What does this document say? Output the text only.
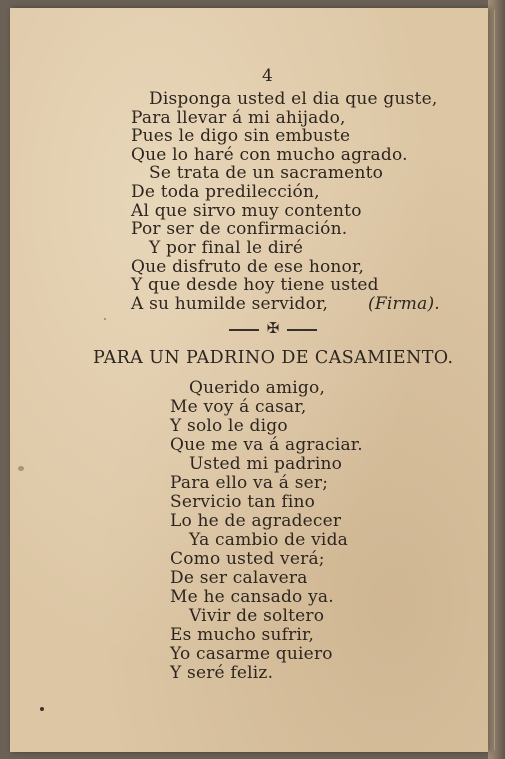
4
Disponga usted el dia que guste,
Para llevar á mi ahijado,
Pues le digo sin embuste
Que lo haré con mucho agrado.
Se trata de un sacramento
De toda predilección,
Al que sirvo muy contento
Por ser de confirmación.
Y por final le diré
Que disfruto de ese honor,
Y que desde hoy tiene usted
A su humilde servidor, (Firma).
✠
PARA UN PADRINO DE CASAMIENTO.
Querido amigo,
Me voy á casar,
Y solo le digo
Que me va á agraciar.
Usted mi padrino
Para ello va á ser;
Servicio tan fino
Lo he de agradecer
Ya cambio de vida
Como usted verá;
De ser calavera
Me he cansado ya.
Vivir de soltero
Es mucho sufrir,
Yo casarme quiero
Y seré feliz.
